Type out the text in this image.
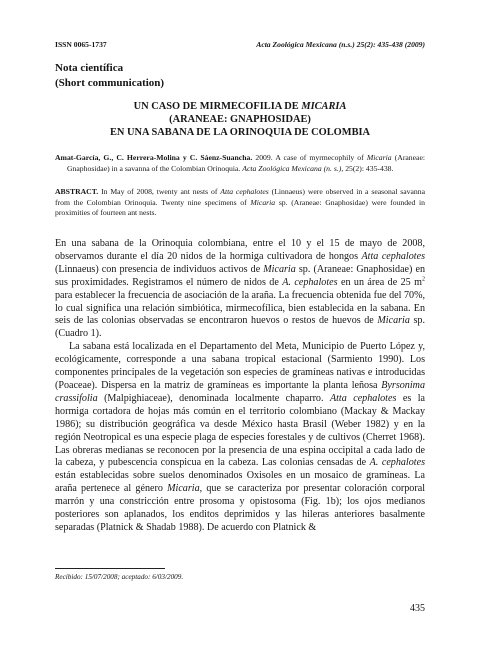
ISSN 0065-1737	Acta Zoológica Mexicana (n.s.) 25(2): 435-438 (2009)
Nota científica
(Short communication)
UN CASO DE MIRMECOFILIA DE MICARIA
(ARANEAE: GNAPHOSIDAE)
EN UNA SABANA DE LA ORINOQUIA DE COLOMBIA
Amat-García, G., C. Herrera-Molina y C. Sáenz-Suancha. 2009. A case of myrmecophily of Micaria (Araneae: Gnaphosidae) in a savanna of the Colombian Orinoquia. Acta Zoológica Mexicana (n. s.), 25(2): 435-438.
ABSTRACT. In May of 2008, twenty ant nests of Atta cephalotes (Linnaeus) were observed in a seasonal savanna from the Colombian Orinoquia. Twenty nine specimens of Micaria sp. (Araneae: Gnaphosidae) were founded in proximities of fourteen ant nests.

En una sabana de la Orinoquia colombiana, entre el 10 y el 15 de mayo de 2008, observamos durante el día 20 nidos de la hormiga cultivadora de hongos Atta cephalotes (Linnaeus) con presencia de individuos activos de Micaria sp. (Araneae: Gnaphosidae) en sus proximidades. Registramos el número de nidos de A. cephalotes en un área de 25 $m^2$ para establecer la frecuencia de asociación de la araña. La frecuencia obtenida fue del 70%, lo cual significa una relación simbiótica, mirmecofílica, bien establecida en la sabana. En seis de las colonias observadas se encontraron huevos o restos de huevos de Micaria sp. (Cuadro 1).

La sabana está localizada en el Departamento del Meta, Municipio de Puerto López y, ecológicamente, corresponde a una sabana tropical estacional (Sarmiento 1990). Los componentes principales de la vegetación son especies de gramíneas nativas e introducidas (Poaceae). Dispersa en la matriz de gramíneas es importante la planta leñosa Byrsonima crassifolia (Malpighiaceae), denominada localmente chaparro. Atta cephalotes es la hormiga cortadora de hojas más común en el territorio colombiano (Mackay & Mackay 1986); su distribución geográfica va desde México hasta Brasil (Weber 1982) y en la región Neotropical es una especie plaga de especies forestales y de cultivos (Cherret 1968). Las obreras medianas se reconocen por la presencia de una espina occipital a cada lado de la cabeza, y pubescencia conspicua en la cabeza. Las colonias censadas de A. cephalotes están establecidas sobre suelos denominados Oxisoles en un mosaico de gramíneas. La araña pertenece al género Micaria, que se caracteriza por presentar coloración corporal marrón y una constricción entre prosoma y opistosoma (Fig. 1b); los ojos medianos posteriores son aplanados, los enditos deprimidos y las hileras anteriores basalmente separadas (Platnick & Shadab 1988). De acuerdo con Platnick &

Recibido: 15/07/2008; aceptado: 6/03/2009.
435
